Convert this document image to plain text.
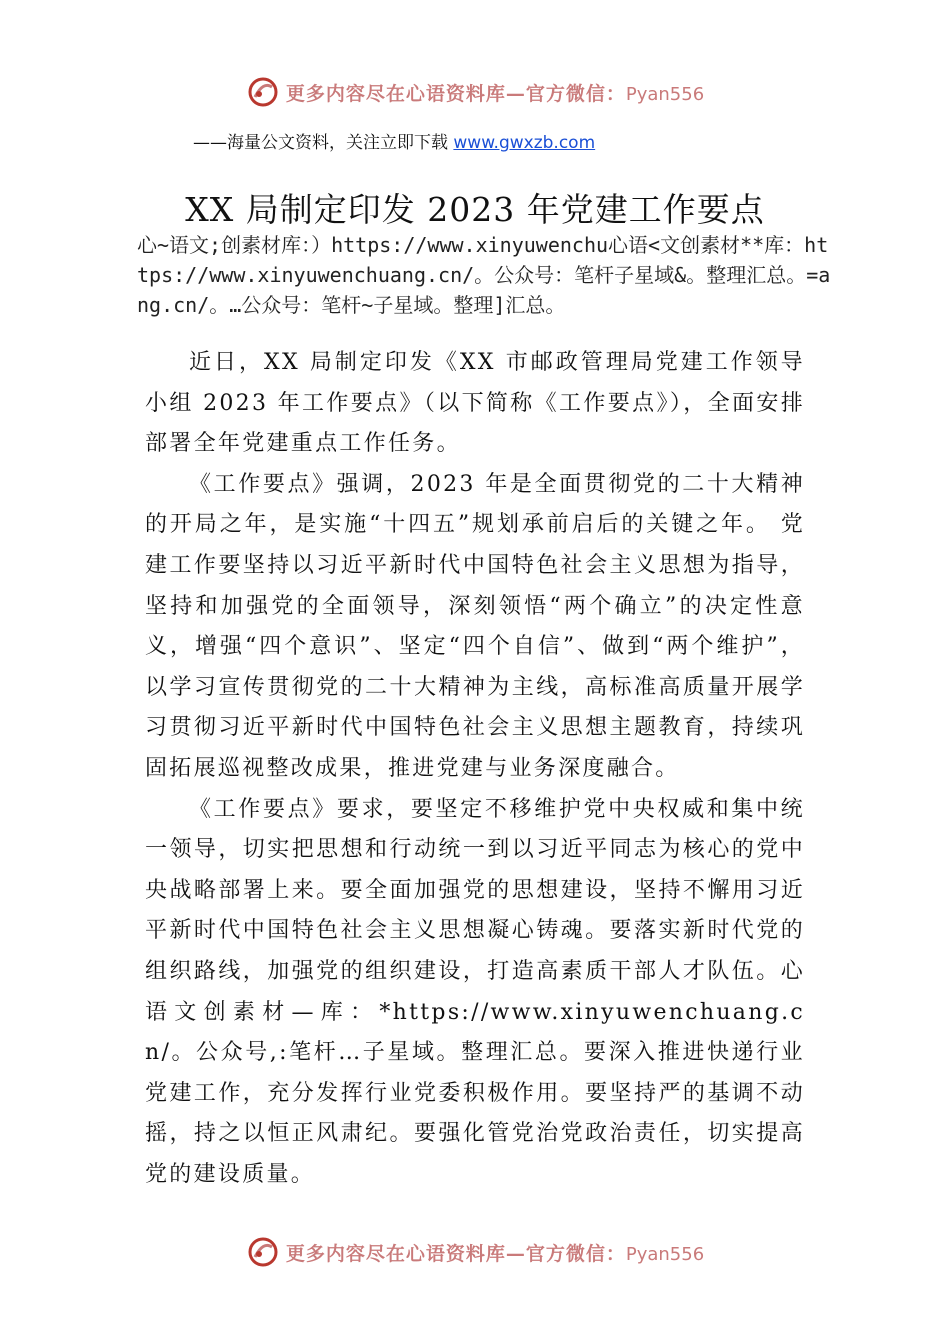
更多内容尽在心语资料库—官方微信：Pyan556
——海量公文资料，关注立即下载 www.gwxzb.com
XX 局制定印发 2023 年党建工作要点
心~语文;创素材库：）https://www.xinyuwenchu心语<文创素材**库：https://www.xinyuwenchuang.cn/。公众号：笔杆子星域&。整理汇总。=ang.cn/。…公众号：笔杆~子星域。整理]汇总。

近日，XX 局制定印发《XX 市邮政管理局党建工作领导小组 2023 年工作要点》（以下简称《工作要点》），全面安排部署全年党建重点工作任务。

《工作要点》强调，2023 年是全面贯彻党的二十大精神的开局之年，是实施“十四五”规划承前启后的关键之年。 党建工作要坚持以习近平新时代中国特色社会主义思想为指导，坚持和加强党的全面领导，深刻领悟“两个确立”的决定性意义，增强“四个意识”、坚定“四个自信”、做到“两个维护”，以学习宣传贯彻党的二十大精神为主线，高标准高质量开展学习贯彻习近平新时代中国特色社会主义思想主题教育，持续巩固拓展巡视整改成果，推进党建与业务深度融合。

《工作要点》要求，要坚定不移维护党中央权威和集中统一领导，切实把思想和行动统一到以习近平同志为核心的党中央战略部署上来。要全面加强党的思想建设，坚持不懈用习近平新时代中国特色社会主义思想凝心铸魂。要落实新时代党的组织路线，加强党的组织建设，打造高素质干部人才队伍。心语文创素材—库：*https://www.xinyuwenchuang.cn/。公众号,:笔杆…子星域。整理汇总。要深入推进快递行业党建工作，充分发挥行业党委积极作用。要坚持严的基调不动摇，持之以恒正风肃纪。要强化管党治党政治责任，切实提高党的建设质量。

更多内容尽在心语资料库—官方微信：Pyan556
